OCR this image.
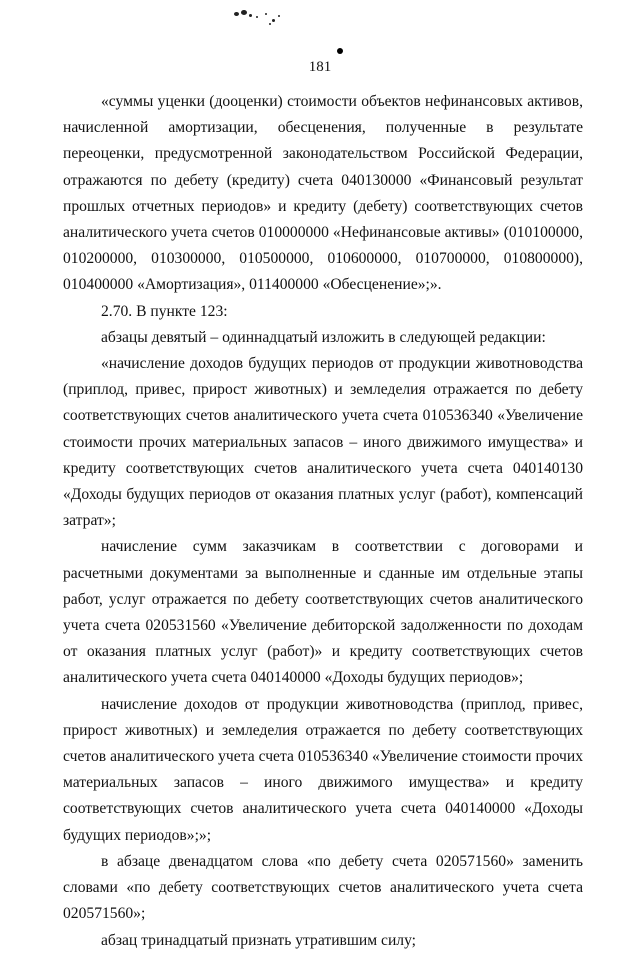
181

«суммы уценки (дооценки) стоимости объектов нефинансовых активов, начисленной амортизации, обесценения, полученные в результате переоценки, предусмотренной законодательством Российской Федерации, отражаются по дебету (кредиту) счета 040130000 «Финансовый результат прошлых отчетных периодов» и кредиту (дебету) соответствующих счетов аналитического учета счетов 010000000 «Нефинансовые активы» (010100000, 010200000, 010300000, 010500000, 010600000, 010700000, 010800000), 010400000 «Амортизация», 011400000 «Обесценение»;».

2.70. В пункте 123:

абзацы девятый – одиннадцатый изложить в следующей редакции:

«начисление доходов будущих периодов от продукции животноводства (приплод, привес, прирост животных) и земледелия отражается по дебету соответствующих счетов аналитического учета счета 010536340 «Увеличение стоимости прочих материальных запасов – иного движимого имущества» и кредиту соответствующих счетов аналитического учета счета 040140130 «Доходы будущих периодов от оказания платных услуг (работ), компенсаций затрат»;

начисление сумм заказчикам в соответствии с договорами и расчетными документами за выполненные и сданные им отдельные этапы работ, услуг отражается по дебету соответствующих счетов аналитического учета счета 020531560 «Увеличение дебиторской задолженности по доходам от оказания платных услуг (работ)» и кредиту соответствующих счетов аналитического учета счета 040140000 «Доходы будущих периодов»;

начисление доходов от продукции животноводства (приплод, привес, прирост животных) и земледелия отражается по дебету соответствующих счетов аналитического учета счета 010536340 «Увеличение стоимости прочих материальных запасов – иного движимого имущества» и кредиту соответствующих счетов аналитического учета счета 040140000 «Доходы будущих периодов»;»;

в абзаце двенадцатом слова «по дебету счета 020571560» заменить словами «по дебету соответствующих счетов аналитического учета счета 020571560»;

абзац тринадцатый признать утратившим силу;
